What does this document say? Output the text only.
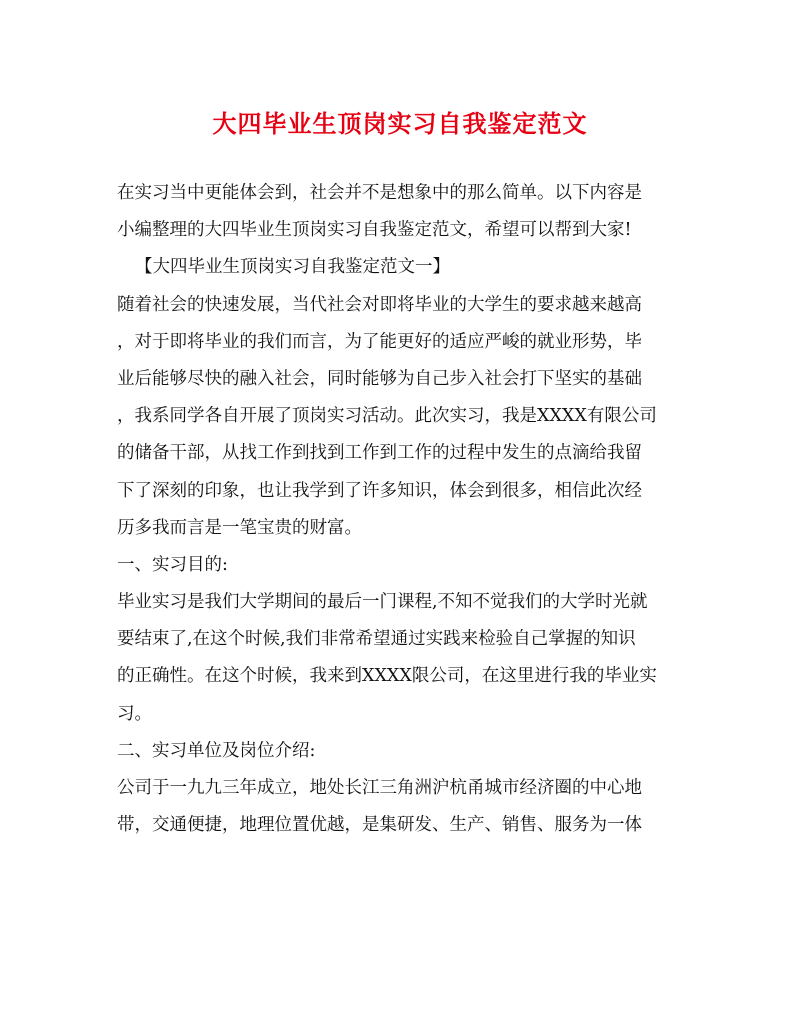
大四毕业生顶岗实习自我鉴定范文
在实习当中更能体会到，社会并不是想象中的那么简单。以下内容是
小编整理的大四毕业生顶岗实习自我鉴定范文，希望可以帮到大家!
【大四毕业生顶岗实习自我鉴定范文一】
随着社会的快速发展，当代社会对即将毕业的大学生的要求越来越高
，对于即将毕业的我们而言，为了能更好的适应严峻的就业形势，毕
业后能够尽快的融入社会，同时能够为自己步入社会打下坚实的基础
，我系同学各自开展了顶岗实习活动。此次实习，我是XXXX有限公司
的储备干部，从找工作到找到工作到工作的过程中发生的点滴给我留
下了深刻的印象，也让我学到了许多知识，体会到很多，相信此次经
历多我而言是一笔宝贵的财富。
一、实习目的:
毕业实习是我们大学期间的最后一门课程,不知不觉我们的大学时光就
要结束了,在这个时候,我们非常希望通过实践来检验自己掌握的知识
的正确性。在这个时候，我来到XXXX限公司，在这里进行我的毕业实
习。
二、实习单位及岗位介绍:
公司于一九九三年成立，地处长江三角洲沪杭甬城市经济圈的中心地
带，交通便捷，地理位置优越，是集研发、生产、销售、服务为一体
